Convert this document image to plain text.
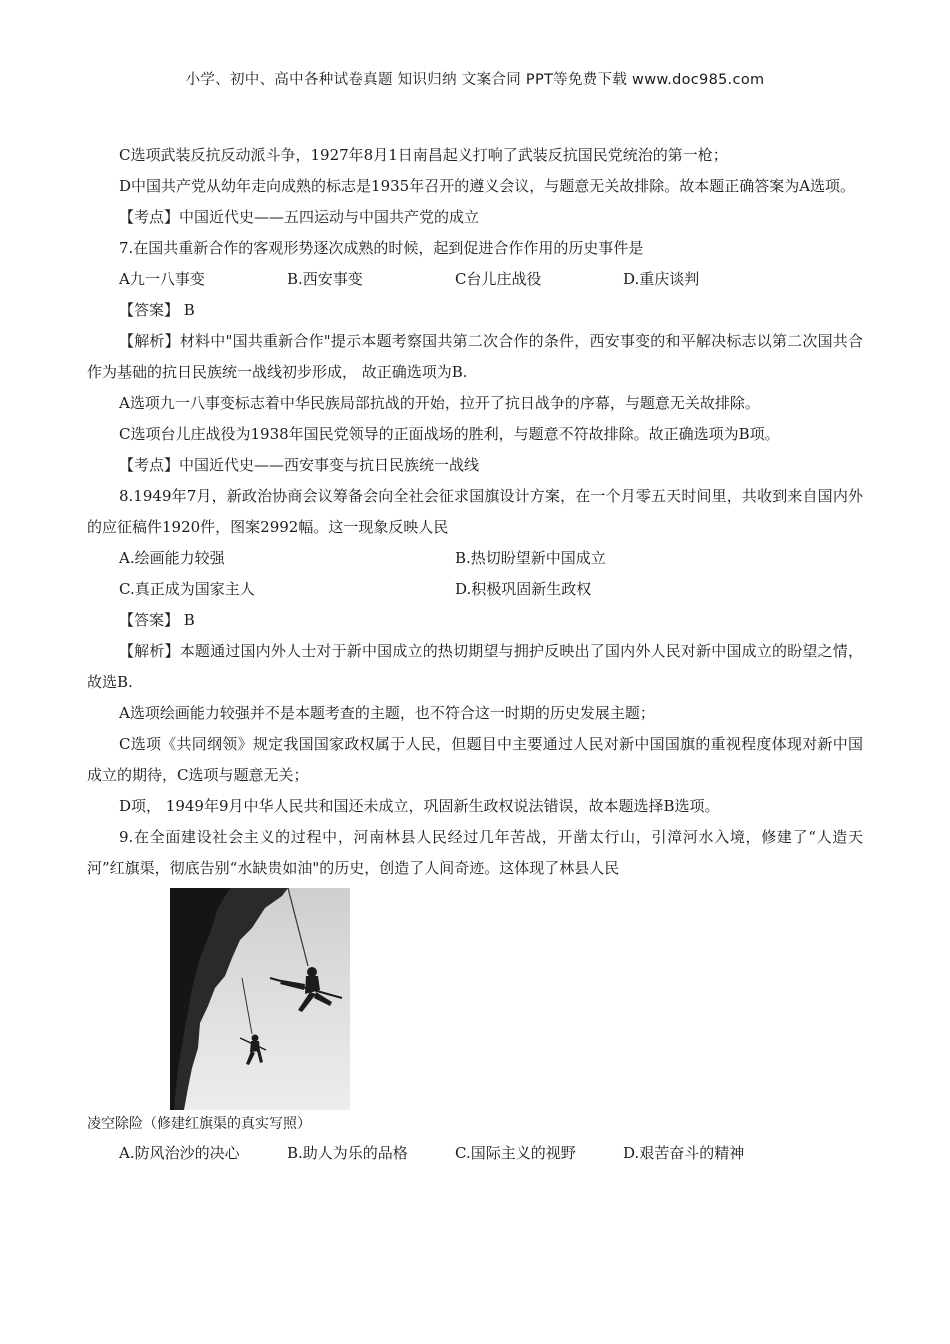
小学、初中、高中各种试卷真题 知识归纳 文案合同 PPT等免费下载 www.doc985.com

C选项武装反抗反动派斗争，1927年8月1日南昌起义打响了武装反抗国民党统治的第一枪；

D中国共产党从幼年走向成熟的标志是1935年召开的遵义会议，与题意无关故排除。故本题正确答案为A选项。

【考点】中国近代史——五四运动与中国共产党的成立

7.在国共重新合作的客观形势逐次成熟的时候，起到促进合作作用的历史事件是

A九一八事变	B.西安事变	C台儿庄战役	D.重庆谈判

【答案】 B

【解析】材料中"国共重新合作"提示本题考察国共第二次合作的条件，西安事变的和平解决标志以第二次国共合作为基础的抗日民族统一战线初步形成， 故正确选项为B.

A选项九一八事变标志着中华民族局部抗战的开始，拉开了抗日战争的序幕，与题意无关故排除。

C选项台儿庄战役为1938年国民党领导的正面战场的胜利，与题意不符故排除。故正确选项为B项。

【考点】中国近代史——西安事变与抗日民族统一战线

8.1949年7月，新政治协商会议筹备会向全社会征求国旗设计方案，在一个月零五天时间里，共收到来自国内外的应征稿件1920件，图案2992幅。这一现象反映人民

A.绘画能力较强	B.热切盼望新中国成立
C.真正成为国家主人	D.积极巩固新生政权

【答案】 B

【解析】本题通过国内外人士对于新中国成立的热切期望与拥护反映出了国内外人民对新中国成立的盼望之情，故选B.

A选项绘画能力较强并不是本题考查的主题，也不符合这一时期的历史发展主题；

C选项《共同纲领》规定我国国家政权属于人民，但题目中主要通过人民对新中国国旗的重视程度体现对新中国成立的期待，C选项与题意无关；

D项， 1949年9月中华人民共和国还未成立，巩固新生政权说法错误，故本题选择B选项。

9.在全面建设社会主义的过程中，河南林县人民经过几年苦战，开凿太行山，引漳河水入境，修建了“人造天河”红旗渠，彻底告别“水缺贵如油"的历史，创造了人间奇迹。这体现了林县人民

凌空除险（修建红旗渠的真实写照）

A.防风治沙的决心	B.助人为乐的品格	C.国际主义的视野	D.艰苦奋斗的精神
